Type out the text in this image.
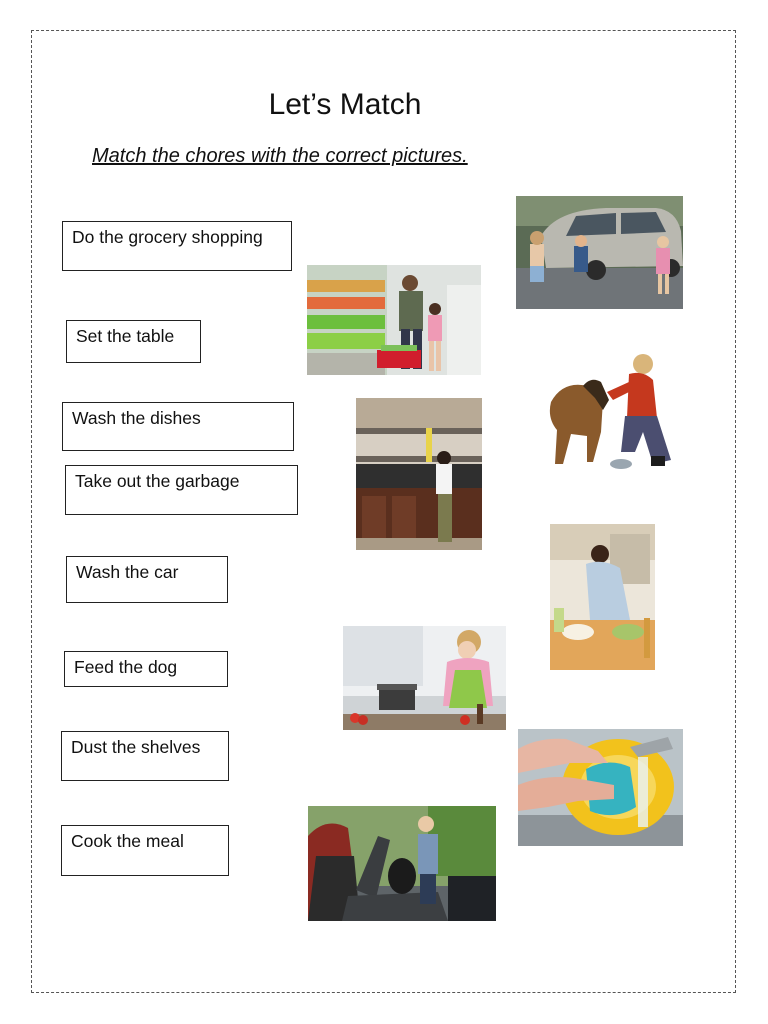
Let’s Match
Match the chores with the correct pictures.
Do the grocery shopping
Set the table
Wash the dishes
Take out the garbage
Wash the car
Feed the dog
Dust the shelves
Cook the meal
